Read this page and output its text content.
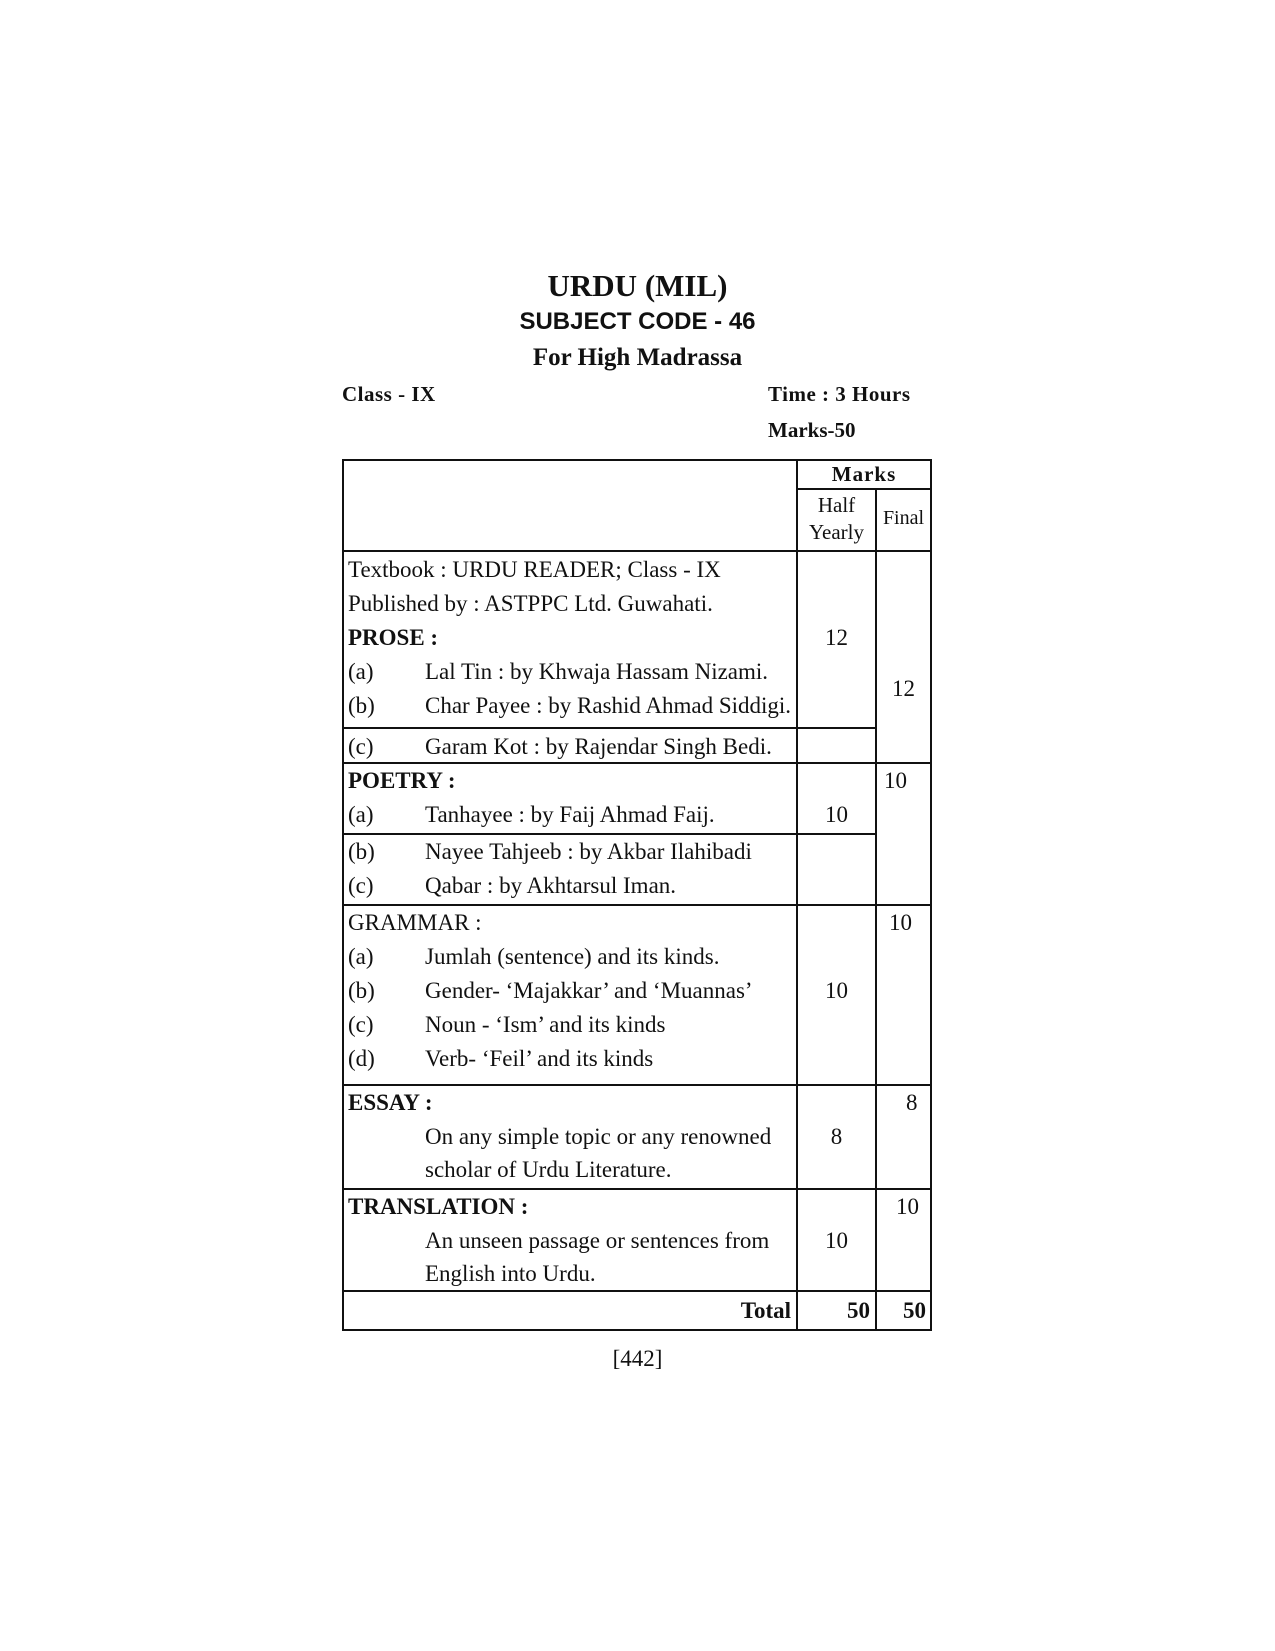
URDU (MIL)
SUBJECT CODE - 46
For High Madrassa
Class - IX	Time : 3 Hours
Marks-50
Marks
Half
Yearly
Final
Textbook : URDU READER; Class - IX
Published by : ASTPPC Ltd. Guwahati.
PROSE :
(a) Lal Tin : by Khwaja Hassam Nizami.
(b) Char Payee : by Rashid Ahmad Siddigi.
(c) Garam Kot : by Rajendar Singh Bedi.
12
12
POETRY :
(a) Tanhayee : by Faij Ahmad Faij.
(b) Nayee Tahjeeb : by Akbar Ilahibadi
(c) Qabar : by Akhtarsul Iman.
10
10
GRAMMAR :
(a) Jumlah (sentence) and its kinds.
(b) Gender- ‘Majakkar’ and ‘Muannas’
(c) Noun - ‘Ism’ and its kinds
(d) Verb- ‘Feil’ and its kinds
10
10
ESSAY :
On any simple topic or any renowned
scholar of Urdu Literature.
8
8
TRANSLATION :
An unseen passage or sentences from
English into Urdu.
10
10
Total 50 50
[442]
